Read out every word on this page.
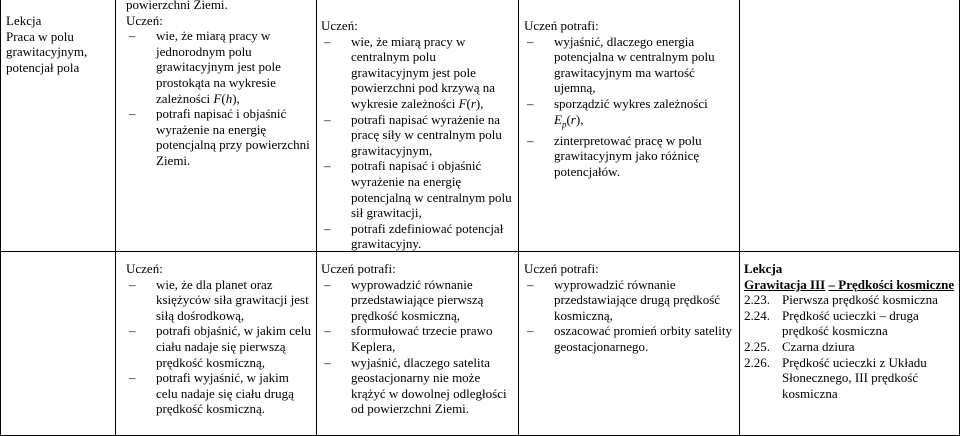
Lekcja
Praca w polu
grawitacyjnym,
potencjał pola
powierzchni Ziemi.
Uczeń:
– wie, że miarą pracy w jednorodnym polu grawitacyjnym jest pole prostokąta na wykresie zależności F(h),
– potrafi napisać i objaśnić wyrażenie na energię potencjalną przy powierzchni Ziemi.
Uczeń:
– wie, że dla planet oraz księżyców siła grawitacji jest siłą dośrodkową,
– potrafi objaśnić, w jakim celu ciału nadaje się pierwszą prędkość kosmiczną,
– potrafi wyjaśnić, w jakim celu nadaje się ciału drugą prędkość kosmiczną.
Uczeń:
– wie, że miarą pracy w centralnym polu grawitacyjnym jest pole powierzchni pod krzywą na wykresie zależności F(r),
– potrafi napisać wyrażenie na pracę siły w centralnym polu grawitacyjnym,
– potrafi napisać i objaśnić wyrażenie na energię potencjalną w centralnym polu sił grawitacji,
– potrafi zdefiniować potencjał grawitacyjny.
Uczeń potrafi:
– wyprowadzić równanie przedstawiające pierwszą prędkość kosmiczną,
– sformułować trzecie prawo Keplera,
– wyjaśnić, dlaczego satelita geostacjonarny nie może krążyć w dowolnej odległości od powierzchni Ziemi.
Uczeń potrafi:
– wyjaśnić, dlaczego energia potencjalna w centralnym polu grawitacyjnym ma wartość ujemną,
– sporządzić wykres zależności $E_p(r)$,
– zinterpretować pracę w polu grawitacyjnym jako różnicę potencjałów.
Uczeń potrafi:
– wyprowadzić równanie przedstawiające drugą prędkość kosmiczną,
– oszacować promień orbity satelity geostacjonarnego.
Lekcja
Grawitacja III – Prędkości kosmiczne
2.23. Pierwsza prędkość kosmiczna
2.24. Prędkość ucieczki – druga prędkość kosmiczna
2.25. Czarna dziura
2.26. Prędkość ucieczki z Układu Słonecznego, III prędkość kosmiczna
